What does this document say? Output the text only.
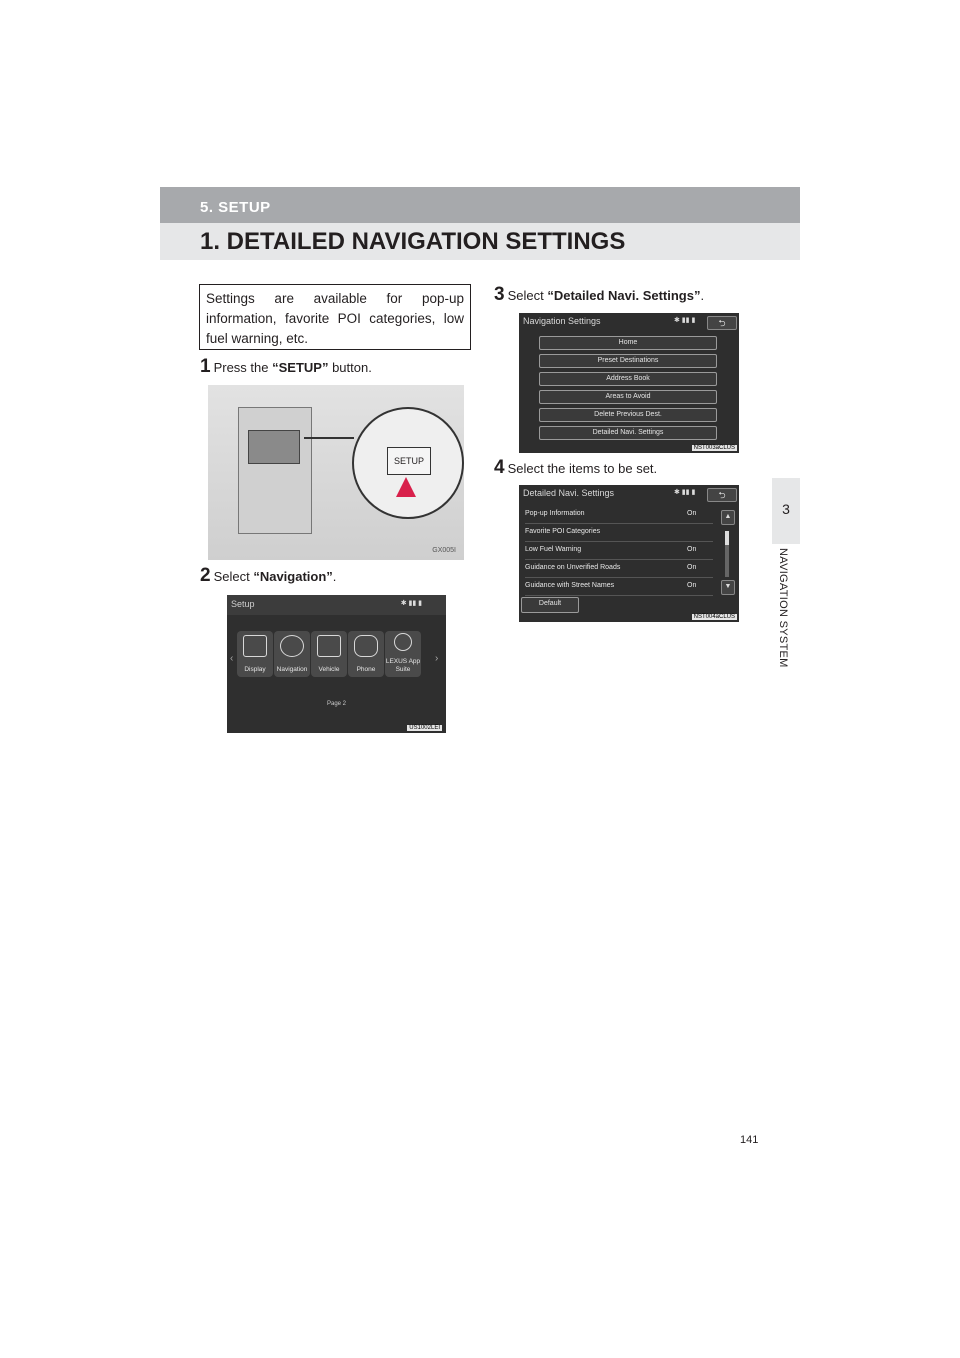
5. SETUP
1. DETAILED NAVIGATION SETTINGS
3
NAVIGATION SYSTEM
Settings are available for pop-up information, favorite POI categories, low fuel warning, etc.
1 Press the “SETUP” button.
SETUP
GX005I
2 Select “Navigation”.
Setup	✱ ▮▮ ▮
‹
Display	Navigation	Vehicle	Phone
LEXUS App Suite
›
Page 2
US1002LEI
3 Select “Detailed Navi. Settings”.
Navigation Settings	✱ ▮▮ ▮	⮌
Home
Preset Destinations
Address Book
Areas to Avoid
Delete Previous Dest.
Detailed Navi. Settings
NST003aCLUS
4 Select the items to be set.
Detailed Navi. Settings	✱ ▮▮ ▮	⮌
Pop-up Information	On
Favorite POI Categories
Low Fuel Warning	On
Guidance on Unverified Roads	On
Guidance with Street Names	On
▲
▼
Default
NST004aCLUS
141
